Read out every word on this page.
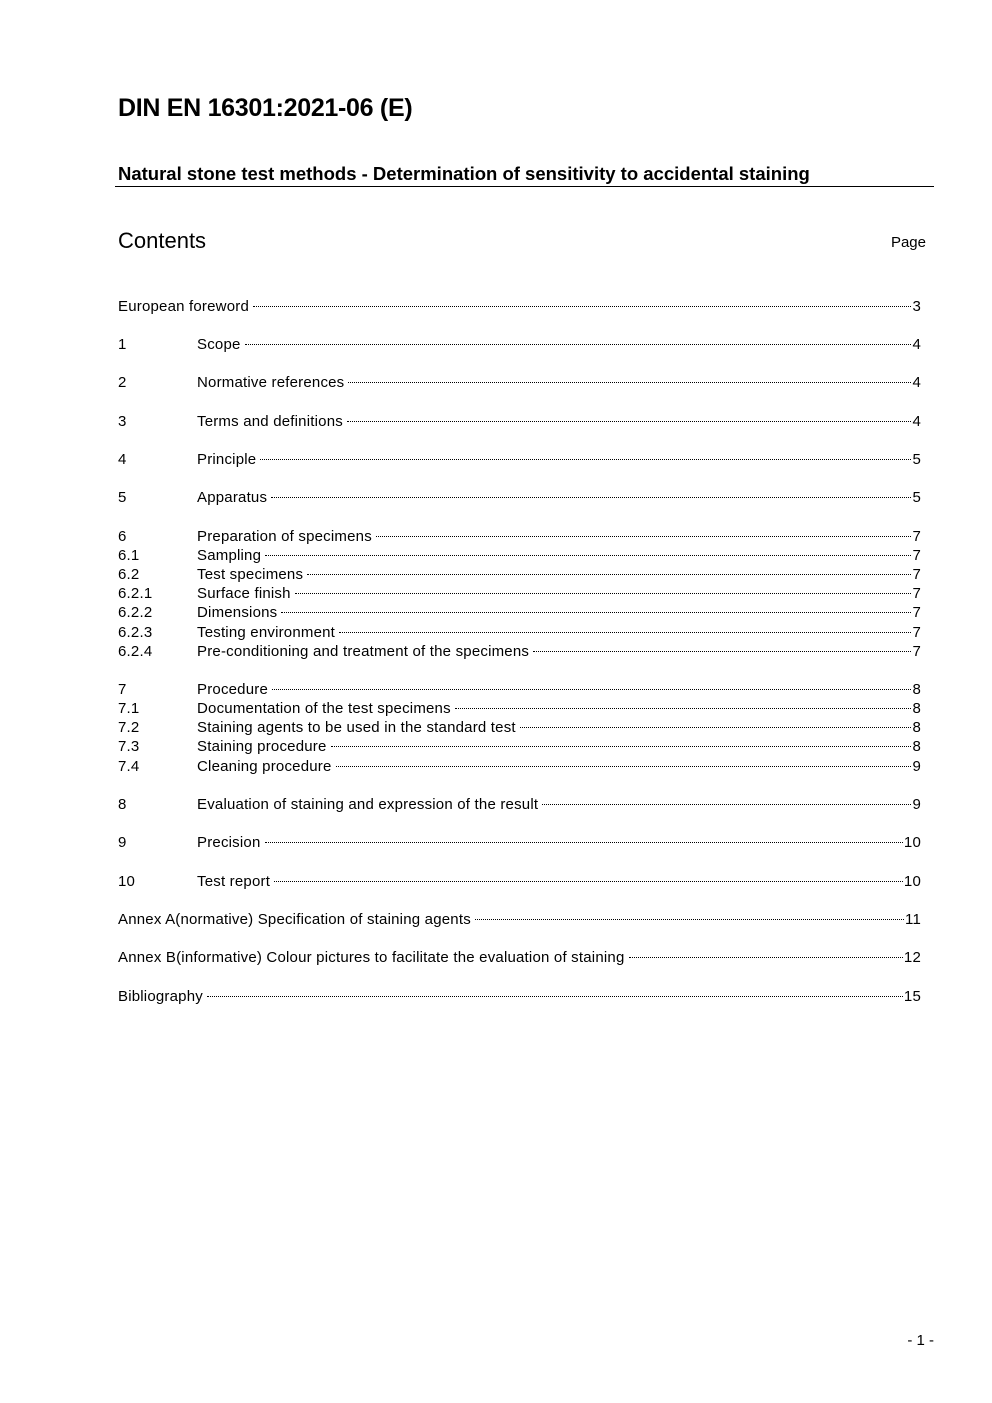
DIN EN 16301:2021-06 (E)
Natural stone test methods - Determination of sensitivity to accidental staining
Contents	Page
European foreword	3
1	Scope	4
2	Normative references	4
3	Terms and definitions	4
4	Principle	5
5	Apparatus	5
6	Preparation of specimens	7
6.1	Sampling	7
6.2	Test specimens	7
6.2.1	Surface finish	7
6.2.2	Dimensions	7
6.2.3	Testing environment	7
6.2.4	Pre-conditioning and treatment of the specimens	7
7	Procedure	8
7.1	Documentation of the test specimens	8
7.2	Staining agents to be used in the standard test	8
7.3	Staining procedure	8
7.4	Cleaning procedure	9
8	Evaluation of staining and expression of the result	9
9	Precision	10
10	Test report	10
Annex A(normative) Specification of staining agents	11
Annex B(informative) Colour pictures to facilitate the evaluation of staining	12
Bibliography	15
- 1 -
